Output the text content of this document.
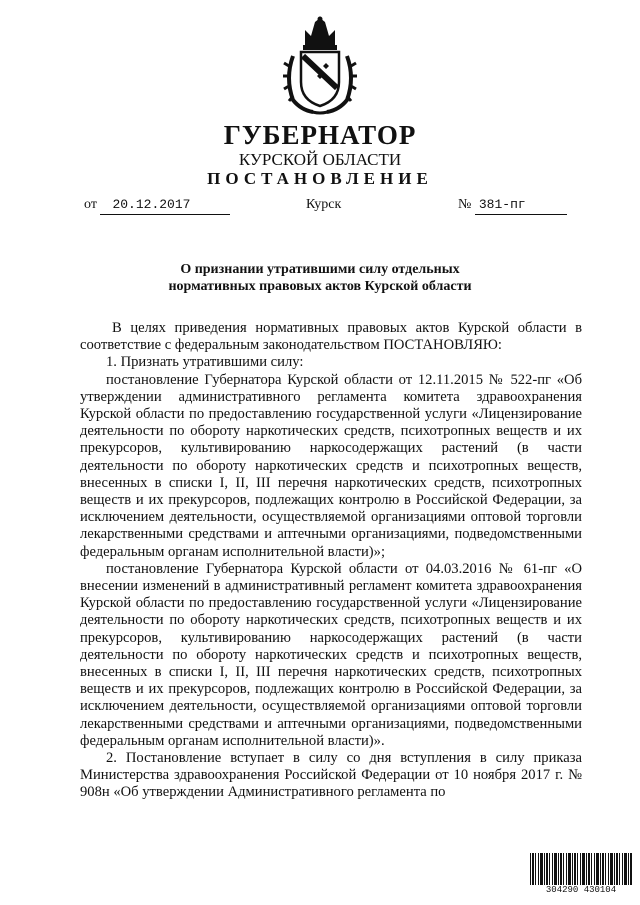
ГУБЕРНАТОР
КУРСКОЙ ОБЛАСТИ
ПОСТАНОВЛЕНИЕ
от 20.12.2017	Курск	№ 381-пг
О признании утратившими силу отдельных
нормативных правовых актов Курской области

В целях приведения нормативных правовых актов Курской области в соответствие с федеральным законодательством ПОСТАНОВЛЯЮ:

1. Признать утратившими силу:

постановление Губернатора Курской области от 12.11.2015 № 522-пг «Об утверждении административного регламента комитета здравоохранения Курской области по предоставлению государственной услуги «Лицензирование деятельности по обороту наркотических средств, психотропных веществ и их прекурсоров, культивированию наркосодержащих растений (в части деятельности по обороту наркотических средств и психотропных веществ, внесенных в списки I, II, III перечня наркотических средств, психотропных веществ и их прекурсоров, подлежащих контролю в Российской Федерации, за исключением деятельности, осуществляемой организациями оптовой торговли лекарственными средствами и аптечными организациями, подведомственными федеральным органам исполнительной власти)»;

постановление Губернатора Курской области от 04.03.2016 № 61-пг «О внесении изменений в административный регламент комитета здравоохранения Курской области по предоставлению государственной услуги «Лицензирование деятельности по обороту наркотических средств, психотропных веществ и их прекурсоров, культивированию наркосодержащих растений (в части деятельности по обороту наркотических средств и психотропных веществ, внесенных в списки I, II, III перечня наркотических средств, психотропных веществ и их прекурсоров, подлежащих контролю в Российской Федерации, за исключением деятельности, осуществляемой организациями оптовой торговли лекарственными средствами и аптечными организациями, подведомственными федеральным органам исполнительной власти)».

2. Постановление вступает в силу со дня вступления в силу приказа Министерства здравоохранения Российской Федерации от 10 ноября 2017 г. № 908н «Об утверждении Административного регламента по

304290 430104
